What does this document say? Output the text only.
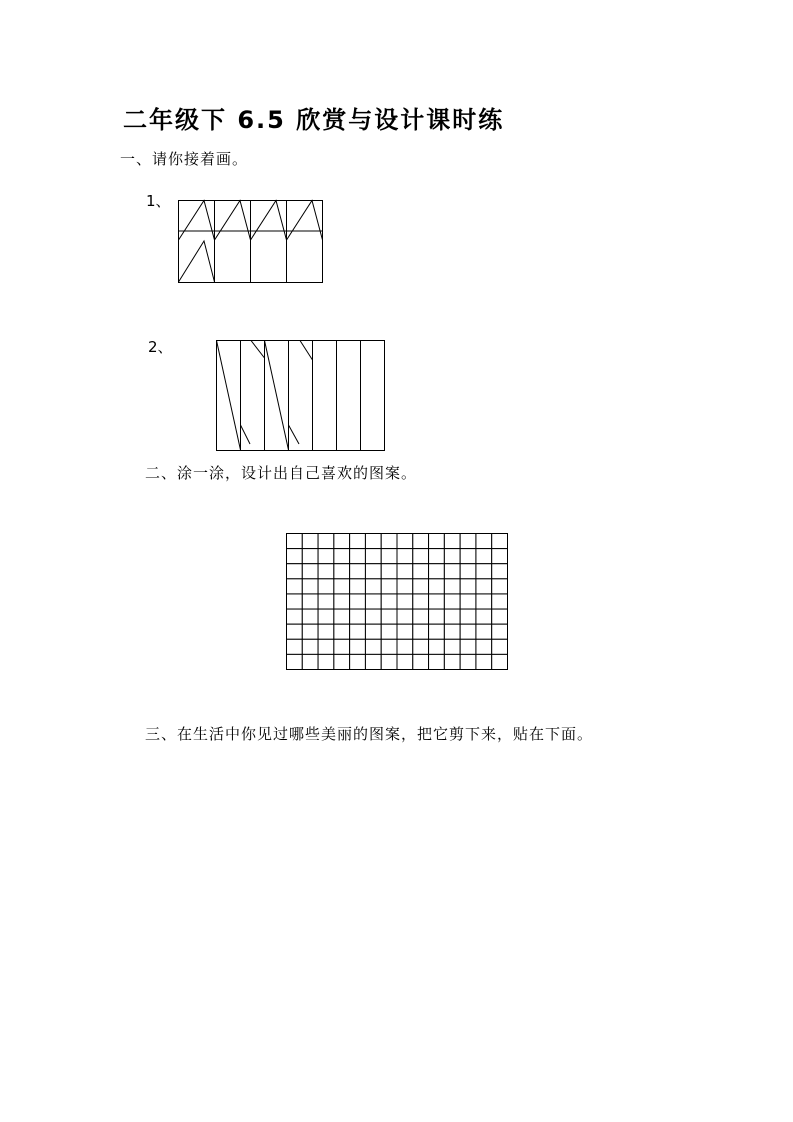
二年级下 6.5 欣赏与设计课时练
一、请你接着画。
1、
2、
二、涂一涂，设计出自己喜欢的图案。
三、在生活中你见过哪些美丽的图案，把它剪下来，贴在下面。
